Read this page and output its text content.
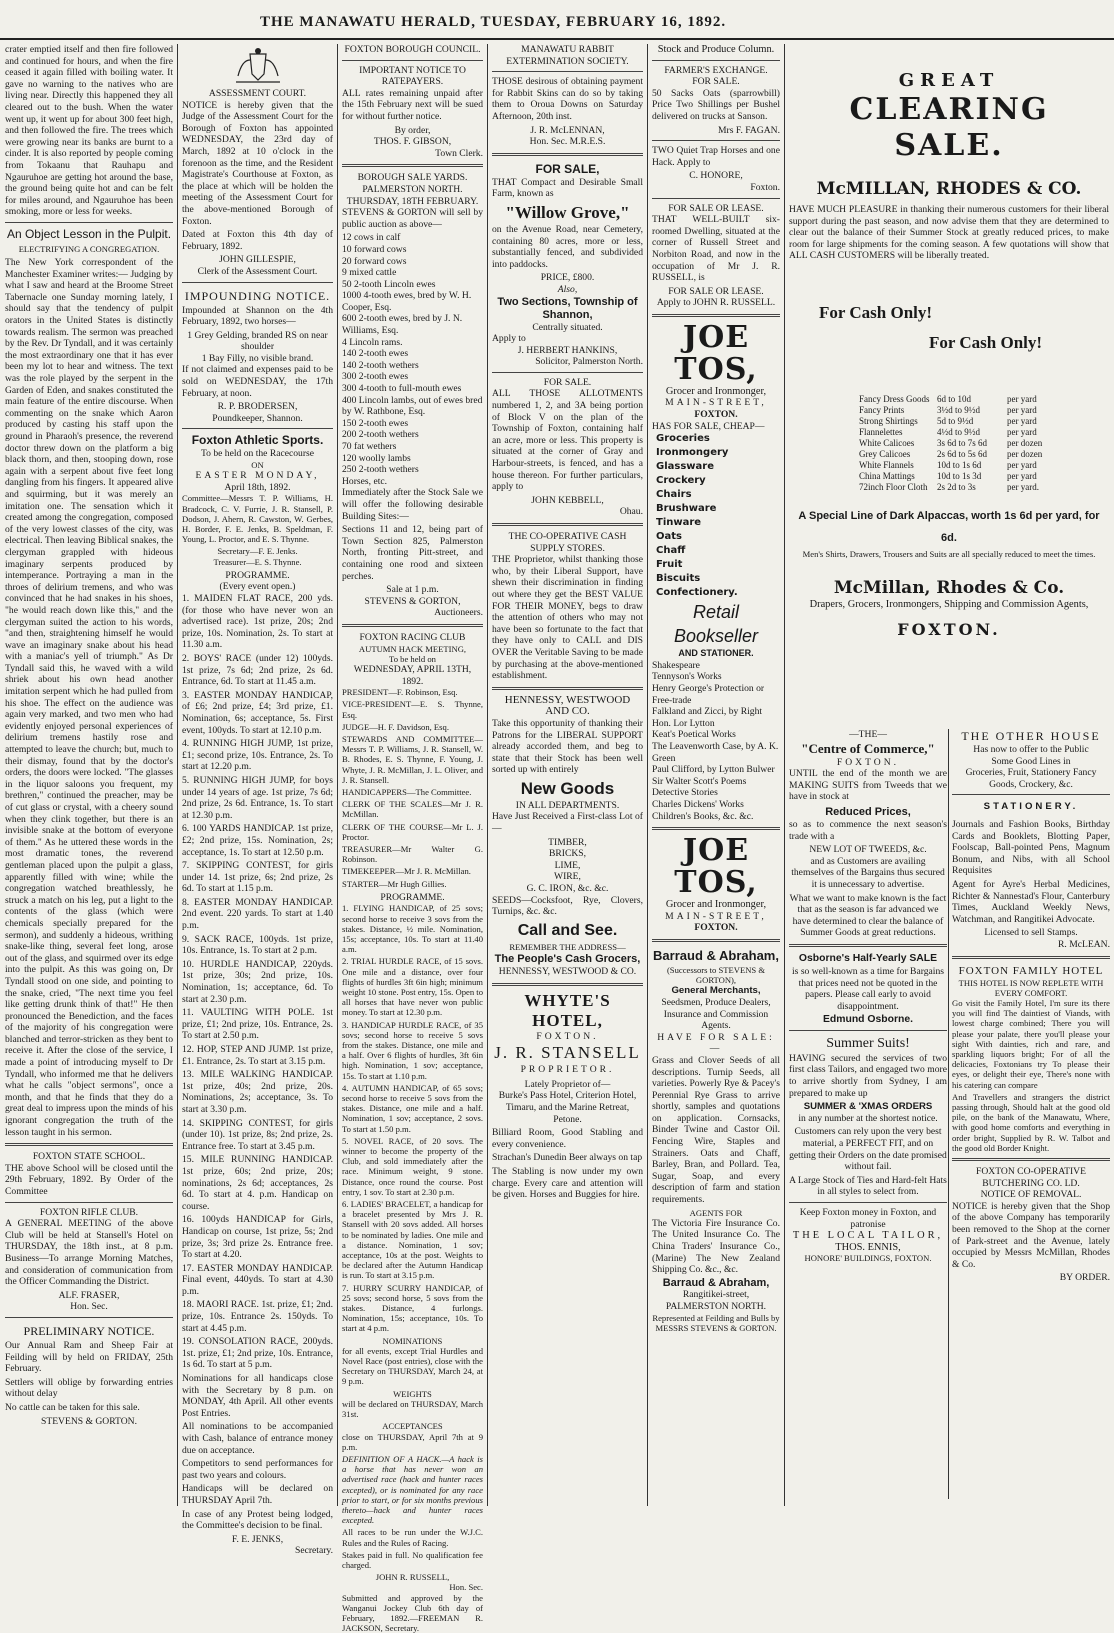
THE MANAWATU HERALD, TUESDAY, FEBRUARY 16, 1892.

crater emptied itself and then fire followed and continued for hours, and when the fire ceased it again filled with boiling water. It gave no warning to the natives who are living near. Directly this happened they all cleared out to the bush. When the water went up, it went up for about 300 feet high, and then followed the fire. The trees which were growing near its banks are burnt to a cinder. It is also reported by people coming from Tokaanu that Rauhapu and Ngauruhoe are getting hot around the base, the ground being quite hot and can be felt for miles around, and Ngauruhoe has been smoking, more or less for weeks.

An Object Lesson in the Pulpit.
ELECTRIFYING A CONGREGATION.

The New York correspondent of the Manchester Examiner writes:— Judging by what I saw and heard at the Broome Street Tabernacle one Sunday morning lately, I should say that the tendency of pulpit orators in the United States is distinctly towards realism. The sermon was preached by the Rev. Dr Tyndall, and it was certainly the most extraordinary one that it has ever been my lot to hear and witness. The text was the role played by the serpent in the Garden of Eden, and snakes constituted the main feature of the entire discourse. When commenting on the snake which Aaron produced by casting his staff upon the ground in Pharaoh's presence, the reverend doctor threw down on the platform a big black thorn, and then, stooping down, rose again with a serpent about five feet long dangling from his fingers. It appeared alive and squirming, but it was merely an imitation one. The sensation which it created among the congregation, composed of the very lowest classes of the city, was electrical. Then leaving Biblical snakes, the clergyman grappled with hideous imaginary serpents produced by intemperance. Portraying a man in the throes of delirium tremens, and who was convinced that he had snakes in his shoes, "he would reach down like this," and the clergyman suited the action to his words, "and then, straightening himself he would wave an imaginary snake about his head with a maniac's yell of triumph." As Dr Tyndall said this, he waved with a wild shriek about his own head another imitation serpent which he had pulled from his shoe. The effect on the audience was again very marked, and two men who had evidently enjoyed personal experiences of delirium tremens hastily rose and attempted to leave the church; but, much to their dismay, found that by the doctor's orders, the doors were locked. "The glasses in the liquor saloons you frequent, my brethren," continued the preacher, may be of cut glass or crystal, with a cheery sound when they clink together, but there is an invisible snake at the bottom of everyone of them." As he uttered these words in the most dramatic tones, the reverend gentleman placed upon the pulpit a glass, apparently filled with wine; while the congregation watched breathlessly, he struck a match on his leg, put a light to the contents of the glass (which were chemicals specially prepared for the sermon), and suddenly a hideous, writhing snake-like thing, several feet long, arose out of the glass, and squirmed over its edge into the pulpit. As this was going on, Dr Tyndall stood on one side, and pointing to the snake, cried, "The next time you feel like getting drunk think of that!" He then pronounced the Benediction, and the faces of the majority of his congregation were blanched and terror-stricken as they bent to receive it. After the close of the service, I made a point of introducing myself to Dr Tyndall, who informed me that he delivers what he calls "object sermons", once a month, and that he finds that they do a great deal to impress upon the minds of his ignorant congregation the truth of the lesson taught in his sermon.

FOXTON STATE SCHOOL.

THE above School will be closed until the 29th February, 1892. By Order of the Committee

FOXTON RIFLE CLUB.

A GENERAL MEETING of the above Club will be held at Stansell's Hotel on THURSDAY, the 18th inst., at 8 p.m. Business—To arrange Morning Matches, and consideration of communication from the Officer Commanding the District.

ALF. FRASER,
Hon. Sec.
PRELIMINARY NOTICE.

Our Annual Ram and Sheep Fair at Feilding will by held on FRIDAY, 25th February.

Settlers will oblige by forwarding entries without delay

No cattle can be taken for this sale.

STEVENS & GORTON.
ASSESSMENT COURT.

NOTICE is hereby given that the Judge of the Assessment Court for the Borough of Foxton has appointed WEDNESDAY, the 23rd day of March, 1892 at 10 o'clock in the forenoon as the time, and the Resident Magistrate's Courthouse at Foxton, as the place at which will be holden the meeting of the Assessment Court for the above-mentioned Borough of Foxton.

Dated at Foxton this 4th day of February, 1892.

JOHN GILLESPIE,
Clerk of the Assessment Court.
IMPOUNDING NOTICE.

Impounded at Shannon on the 4th February, 1892, two horses—

1 Grey Gelding, branded RS on near shoulder
1 Bay Filly, no visible brand.

If not claimed and expenses paid to be sold on WEDNESDAY, the 17th February, at noon.

R. P. BRODERSEN,
Poundkeeper, Shannon.
Foxton Athletic Sports.
To be held on the Racecourse
ON
EASTER MONDAY,
April 18th, 1892.

Committee—Messrs T. P. Williams, H. Bradcock, C. V. Furrie, J. R. Stansell, P. Dodson, J. Ahern, R. Cawston, W. Gerbes, H. Border, F. E. Jenks, B. Speldman, F. Young, L. Proctor, and E. S. Thynne.

Secretary—F. E. Jenks.
Treasurer—E. S. Thynne.
PROGRAMME.
(Every event open.)

1. MAIDEN FLAT RACE, 200 yds. (for those who have never won an advertised race). 1st prize, 20s; 2nd prize, 10s. Nomination, 2s. To start at 11.30 a.m.

2. BOYS' RACE (under 12) 100yds. 1st prize, 7s 6d; 2nd prize, 2s 6d. Entrance, 6d. To start at 11.45 a.m.

3. EASTER MONDAY HANDICAP, of £6; 2nd prize, £4; 3rd prize, £1. Nomination, 6s; acceptance, 5s. First event, 100yds. To start at 12.10 p.m.

4. RUNNING HIGH JUMP, 1st prize, £1; second prize, 10s. Entrance, 2s. To start at 12.20 p.m.

5. RUNNING HIGH JUMP, for boys under 14 years of age. 1st prize, 7s 6d; 2nd prize, 2s 6d. Entrance, 1s. To start at 12.30 p.m.

6. 100 YARDS HANDICAP. 1st prize, £2; 2nd prize, 15s. Nomination, 2s; acceptance, 1s. To start at 12.50 p.m.

7. SKIPPING CONTEST, for girls under 14. 1st prize, 6s; 2nd prize, 2s 6d. To start at 1.15 p.m.

8. EASTER MONDAY HANDICAP. 2nd event. 220 yards. To start at 1.40 p.m.

9. SACK RACE, 100yds. 1st prize, 10s. Entrance, 1s. To start at 2 p.m.

10. HURDLE HANDICAP, 220yds. 1st prize, 30s; 2nd prize, 10s. Nomination, 1s; acceptance, 6d. To start at 2.30 p.m.

11. VAULTING WITH POLE. 1st prize, £1; 2nd prize, 10s. Entrance, 2s. To start at 2.50 p.m.

12. HOP, STEP AND JUMP. 1st prize, £1. Entrance, 2s. To start at 3.15 p.m.

13. MILE WALKING HANDICAP. 1st prize, 40s; 2nd prize, 20s. Nominations, 2s; acceptance, 3s. To start at 3.30 p.m.

14. SKIPPING CONTEST, for girls (under 10). 1st prize, 8s; 2nd prize, 2s. Entrance free. To start at 3.45 p.m.

15. MILE RUNNING HANDICAP. 1st prize, 60s; 2nd prize, 20s; nominations, 2s 6d; acceptances, 2s 6d. To start at 4. p.m. Handicap on course.

16. 100yds HANDICAP for Girls, Handicap on course, 1st prize, 5s; 2nd prize, 3s; 3rd prize 2s. Entrance free. To start at 4.20.

17. EASTER MONDAY HANDICAP. Final event, 440yds. To start at 4.30 p.m.

18. MAORI RACE. 1st. prize, £1; 2nd. prize, 10s. Entrance 2s. 150yds. To start at 4.45 p.m.

19. CONSOLATION RACE, 200yds. 1st. prize, £1; 2nd prize, 10s. Entrance, 1s 6d. To start at 5 p.m.

Nominations for all handicaps close with the Secretary by 8 p.m. on MONDAY, 4th April. All other events Post Entries.

All nominations to be accompanied with Cash, balance of entrance money due on acceptance.

Competitors to send performances for past two years and colours.

Handicaps will be declared on THURSDAY April 7th.

In case of any Protest being lodged, the Committee's decision to be final.

F. E. JENKS,
Secretary.
FOXTON BOROUGH COUNCIL.
IMPORTANT NOTICE TO RATEPAYERS.

ALL rates remaining unpaid after the 15th February next will be sued for without further notice.

By order,
THOS. F. GIBSON,
Town Clerk.
BOROUGH SALE YARDS.
PALMERSTON NORTH.
THURSDAY, 18TH FEBRUARY.

STEVENS & GORTON will sell by public auction as above—

12 cows in calf
10 forward cows
20 forward cows
9 mixed cattle
50 2-tooth Lincoln ewes
1000 4-tooth ewes, bred by W. H. Cooper, Esq.
600 2-tooth ewes, bred by J. N. Williams, Esq.
4 Lincoln rams.
140 2-tooth ewes
140 2-tooth wethers
300 2-tooth ewes
300 4-tooth to full-mouth ewes
400 Lincoln lambs, out of ewes bred by W. Rathbone, Esq.
150 2-tooth ewes
200 2-tooth wethers
70 fat wethers
120 woolly lambs
250 2-tooth wethers
Horses, etc.

Immediately after the Stock Sale we will offer the following desirable Building Sites:—

Sections 11 and 12, being part of Town Section 825, Palmerston North, fronting Pitt-street, and containing one rood and sixteen perches.

Sale at 1 p.m.
STEVENS & GORTON,
Auctioneers.
FOXTON RACING CLUB
AUTUMN HACK MEETING,
To be held on
WEDNESDAY, APRIL 13TH, 1892.

PRESIDENT—F. Robinson, Esq.

VICE-PRESIDENT—E. S. Thynne, Esq.

JUDGE—H. F. Davidson, Esq.

STEWARDS AND COMMITTEE—Messrs T. P. Williams, J. R. Stansell, W. B. Rhodes, E. S. Thynne, F. Young, J. Whyte, J. R. McMillan, J. L. Oliver, and J. R. Stansell.

HANDICAPPERS—The Committee.

CLERK OF THE SCALES—Mr J. R. McMillan.

CLERK OF THE COURSE—Mr L. J. Proctor.

TREASURER—Mr Walter G. Robinson.

TIMEKEEPER—Mr J. R. McMillan.

STARTER—Mr Hugh Gillies.

PROGRAMME.

1. FLYING HANDICAP, of 25 sovs; second horse to receive 3 sovs from the stakes. Distance, ½ mile. Nomination, 15s; acceptance, 10s. To start at 11.40 a.m.

2. TRIAL HURDLE RACE, of 15 sovs. One mile and a distance, over four flights of hurdles 3ft 6in high; minimum weight 10 stone. Post entry, 15s. Open to all horses that have never won public money. To start at 12.30 p.m.

3. HANDICAP HURDLE RACE, of 35 sovs; second horse to receive 5 sovs from the stakes. Distance, one mile and a half. Over 6 flights of hurdles, 3ft 6in high. Nomination, 1 sov; acceptance, 15s. To start at 1.10 p.m.

4. AUTUMN HANDICAP, of 65 sovs; second horse to receive 5 sovs from the stakes. Distance, one mile and a half. Nomination, 1 sov; acceptance, 2 sovs. To start at 1.50 p.m.

5. NOVEL RACE, of 20 sovs. The winner to become the property of the Club, and sold immediately after the race. Minimum weight, 9 stone. Distance, once round the course. Post entry, 1 sov. To start at 2.30 p.m.

6. LADIES' BRACELET, a handicap for a bracelet presented by Mrs J. R. Stansell with 20 sovs added. All horses to be nominated by ladies. One mile and a distance. Nomination, 1 sov; acceptance, 10s at the post. Weights to be declared after the Autumn Handicap is run. To start at 3.15 p.m.

7. HURRY SCURRY HANDICAP, of 25 sovs; second horse, 5 sovs from the stakes. Distance, 4 furlongs. Nomination, 15s; acceptance, 10s. To start at 4 p.m.

NOMINATIONS

for all events, except Trial Hurdles and Novel Race (post entries), close with the Secretary on THURSDAY, March 24, at 9 p.m.

WEIGHTS

will be declared on THURSDAY, March 31st.

ACCEPTANCES

close on THURSDAY, April 7th at 9 p.m.

DEFINITION OF A HACK.—A hack is a horse that has never won an advertised race (hack and hunter races excepted), or is nominated for any race prior to start, or for six months previous thereto—hack and hunter races excepted.

All races to be run under the W.J.C. Rules and the Rules of Racing.

Stakes paid in full. No qualification fee charged.

JOHN R. RUSSELL,
Hon. Sec.

Submitted and approved by the Wanganui Jockey Club 6th day of February, 1892.—FREEMAN R. JACKSON, Secretary.

MANAWATU RABBIT EXTERMINATION SOCIETY.

THOSE desirous of obtaining payment for Rabbit Skins can do so by taking them to Oroua Downs on Saturday Afternoon, 20th inst.

J. R. McLENNAN,
Hon. Sec. M.R.E.S.
FOR SALE,

THAT Compact and Desirable Small Farm, known as

"Willow Grove,"

on the Avenue Road, near Cemetery, containing 80 acres, more or less, substantially fenced, and subdivided into paddocks.

PRICE, £800.
Also,
Two Sections, Township of Shannon,
Centrally situated.
Apply to
J. HERBERT HANKINS,
Solicitor, Palmerston North.
FOR SALE.

ALL THOSE ALLOTMENTS numbered 1, 2, and 3A being portion of Block V on the plan of the Township of Foxton, containing half an acre, more or less. This property is situated at the corner of Gray and Harbour-streets, is fenced, and has a house thereon. For further particulars, apply to

JOHN KEBBELL,
Ohau.
THE CO-OPERATIVE CASH SUPPLY STORES.

THE Proprietor, whilst thanking those who, by their Liberal Support, have shewn their discrimination in finding out where they get the BEST VALUE FOR THEIR MONEY, begs to draw the attention of others who may not have been so fortunate to the fact that they have only to CALL and DIS OVER the Veritable Saving to be made by purchasing at the above-mentioned establishment.

HENNESSY, WESTWOOD AND CO.

Take this opportunity of thanking their Patrons for the LIBERAL SUPPORT already accorded them, and beg to state that their Stock has been well sorted up with entirely

New Goods
IN ALL DEPARTMENTS.

Have Just Received a First-class Lot of—

TIMBER,
BRICKS,
LIME,
WIRE,
G. C. IRON, &c. &c.

SEEDS—Cocksfoot, Rye, Clovers, Turnips, &c. &c.

Call and See.
REMEMBER THE ADDRESS—
The People's Cash Grocers,
HENNESSY, WESTWOOD & CO.
WHYTE'S HOTEL,
FOXTON.
J. R. STANSELL
PROPRIETOR.
Lately Proprietor of—

Burke's Pass Hotel, Criterion Hotel, Timaru, and the Marine Retreat, Petone.

Billiard Room, Good Stabling and every convenience.

Strachan's Dunedin Beer always on tap

The Stabling is now under my own charge. Every care and attention will be given. Horses and Buggies for hire.

Stock and Produce Column.
FARMER'S EXCHANGE.
FOR SALE.

50 Sacks Oats (sparrowbill) Price Two Shillings per Bushel delivered on trucks at Sanson.

Mrs F. FAGAN.

TWO Quiet Trap Horses and one Hack. Apply to

C. HONORE,
Foxton.
FOR SALE OR LEASE.

THAT WELL-BUILT six-roomed Dwelling, situated at the corner of Russell Street and Norbiton Road, and now in the occupation of Mr J. R. RUSSELL, is

FOR SALE OR LEASE.
Apply to JOHN R. RUSSELL.
JOE TOS,
Grocer and Ironmonger,
MAIN-STREET,
FOXTON.
HAS FOR SALE, CHEAP—
Groceries
Ironmongery
Glassware
Crockery
Chairs
Brushware
Tinware
Oats
Chaff
Fruit
Biscuits
Confectionery.
Retail Bookseller
AND STATIONER.
Shakespeare
Tennyson's Works
Henry George's Protection or Free-trade
Falkland and Zicci, by Right Hon. Lor Lytton
Keat's Poetical Works
The Leavenworth Case, by A. K. Green
Paul Clifford, by Lytton Bulwer
Sir Walter Scott's Poems
Detective Stories
Charles Dickens' Works
Children's Books, &c. &c.
JOE TOS,
Grocer and Ironmonger,
MAIN-STREET,
FOXTON.
Barraud & Abraham,
(Successors to STEVENS & GORTON),
General Merchants,
Seedsmen, Produce Dealers,
Insurance and Commission Agents.
HAVE FOR SALE:—

Grass and Clover Seeds of all descriptions. Turnip Seeds, all varieties. Powerly Rye & Pacey's Perennial Rye Grass to arrive shortly, samples and quotations on application. Cornsacks, Binder Twine and Castor Oil. Fencing Wire, Staples and Strainers. Oats and Chaff, Barley, Bran, and Pollard. Tea, Sugar, Soap, and every description of farm and station requirements.

AGENTS FOR

The Victoria Fire Insurance Co. The United Insurance Co. The China Traders' Insurance Co., (Marine) The New Zealand Shipping Co. &c., &c.

Barraud & Abraham,
Rangitikei-street,
PALMERSTON NORTH.
Represented at Feilding and Bulls by MESSRS STEVENS & GORTON.
GREAT
CLEARING SALE.
McMILLAN, RHODES & CO.

HAVE MUCH PLEASURE in thanking their numerous customers for their liberal support during the past season, and now advise them that they are determined to clear out the balance of their Summer Stock at greatly reduced prices, to make room for large shipments for the coming season. A few quotations will show that ALL CASH CUSTOMERS will be liberally treated.

For Cash Only!
For Cash Only!
Fancy Dress Goods 6d to 10d	per yard
Fancy Prints	3½d to 9½d	per yard
Strong Shirtings	5d to 9½d	per yard
Flannelettes	4½d to 9½d	per yard
White Calicoes	3s 6d to 7s 6d	per dozen
Grey Calicoes	2s 6d to 5s 6d	per dozen
White Flannels	10d to 1s 6d	per yard
China Mattings	10d to 1s 3d	per yard
72inch Floor Cloth	2s 2d to 3s	per yard.
A Special Line of Dark Alpaccas, worth 1s 6d per yard, for 6d.
Men's Shirts, Drawers, Trousers and Suits are all specially reduced to meet the times.
McMillan, Rhodes & Co.
Drapers, Grocers, Ironmongers, Shipping and Commission Agents,
FOXTON.
—THE—
"Centre of Commerce,"
FOXTON.

UNTIL the end of the month we are MAKING SUITS from Tweeds that we have in stock at

Reduced Prices,

so as to commence the next season's trade with a

NEW LOT OF TWEEDS, &c.

and as Customers are availing themselves of the Bargains thus secured it is unnecessary to advertise.

What we want to make known is the fact that as the season is far advanced we have determined to clear the balance of Summer Goods at great reductions.

Osborne's Half-Yearly SALE

is so well-known as a time for Bargains that prices need not be quoted in the papers. Please call early to avoid disappointment.

Edmund Osborne.
Summer Suits!

HAVING secured the services of two first class Tailors, and engaged two more to arrive shortly from Sydney, I am prepared to make up

SUMMER & 'XMAS ORDERS

in any number at the shortest notice.

Customers can rely upon the very best material, a PERFECT FIT, and on getting their Orders on the date promised without fail.

A Large Stock of Ties and Hard-felt Hats in all styles to select from.

Keep Foxton money in Foxton, and patronise
THE LOCAL TAILOR,
THOS. ENNIS,
HONORE' BUILDINGS, FOXTON.
THE OTHER HOUSE
Has now to offer to the Public
Some Good Lines in
Groceries, Fruit, Stationery Fancy Goods, Crockery, &c.
STATIONERY.

Journals and Fashion Books, Birthday Cards and Booklets, Blotting Paper, Foolscap, Ball-pointed Pens, Magnum Bonum, and Nibs, with all School Requisites

Agent for Ayre's Herbal Medicines, Richter & Nannestad's Flour, Canterbury Times, Auckland Weekly News, Watchman, and Rangitikei Advocate.

Licensed to sell Stamps.
R. McLEAN.
FOXTON FAMILY HOTEL
THIS HOTEL IS NOW REPLETE WITH EVERY COMFORT.

Go visit the Family Hotel, I'm sure its there you will find The daintiest of Viands, with lowest charge combined; There you will please your palate, there you'll please your sight With dainties, rich and rare, and sparkling liquors bright; For of all the delicacies, Foxtonians try To please their eyes, or delight their eye, There's none with his catering can compare

And Travellers and strangers the district passing through, Should halt at the good old pile, on the bank of the Manawatu, Where, with good home comforts and everything in order bright, Supplied by R. W. Talbot and the good old Border Knight.

FOXTON CO-OPERATIVE BUTCHERING CO. LD.
NOTICE OF REMOVAL.

NOTICE is hereby given that the Shop of the above Company has temporarily been removed to the Shop at the corner of Park-street and the Avenue, lately occupied by Messrs McMillan, Rhodes & Co.

BY ORDER.
